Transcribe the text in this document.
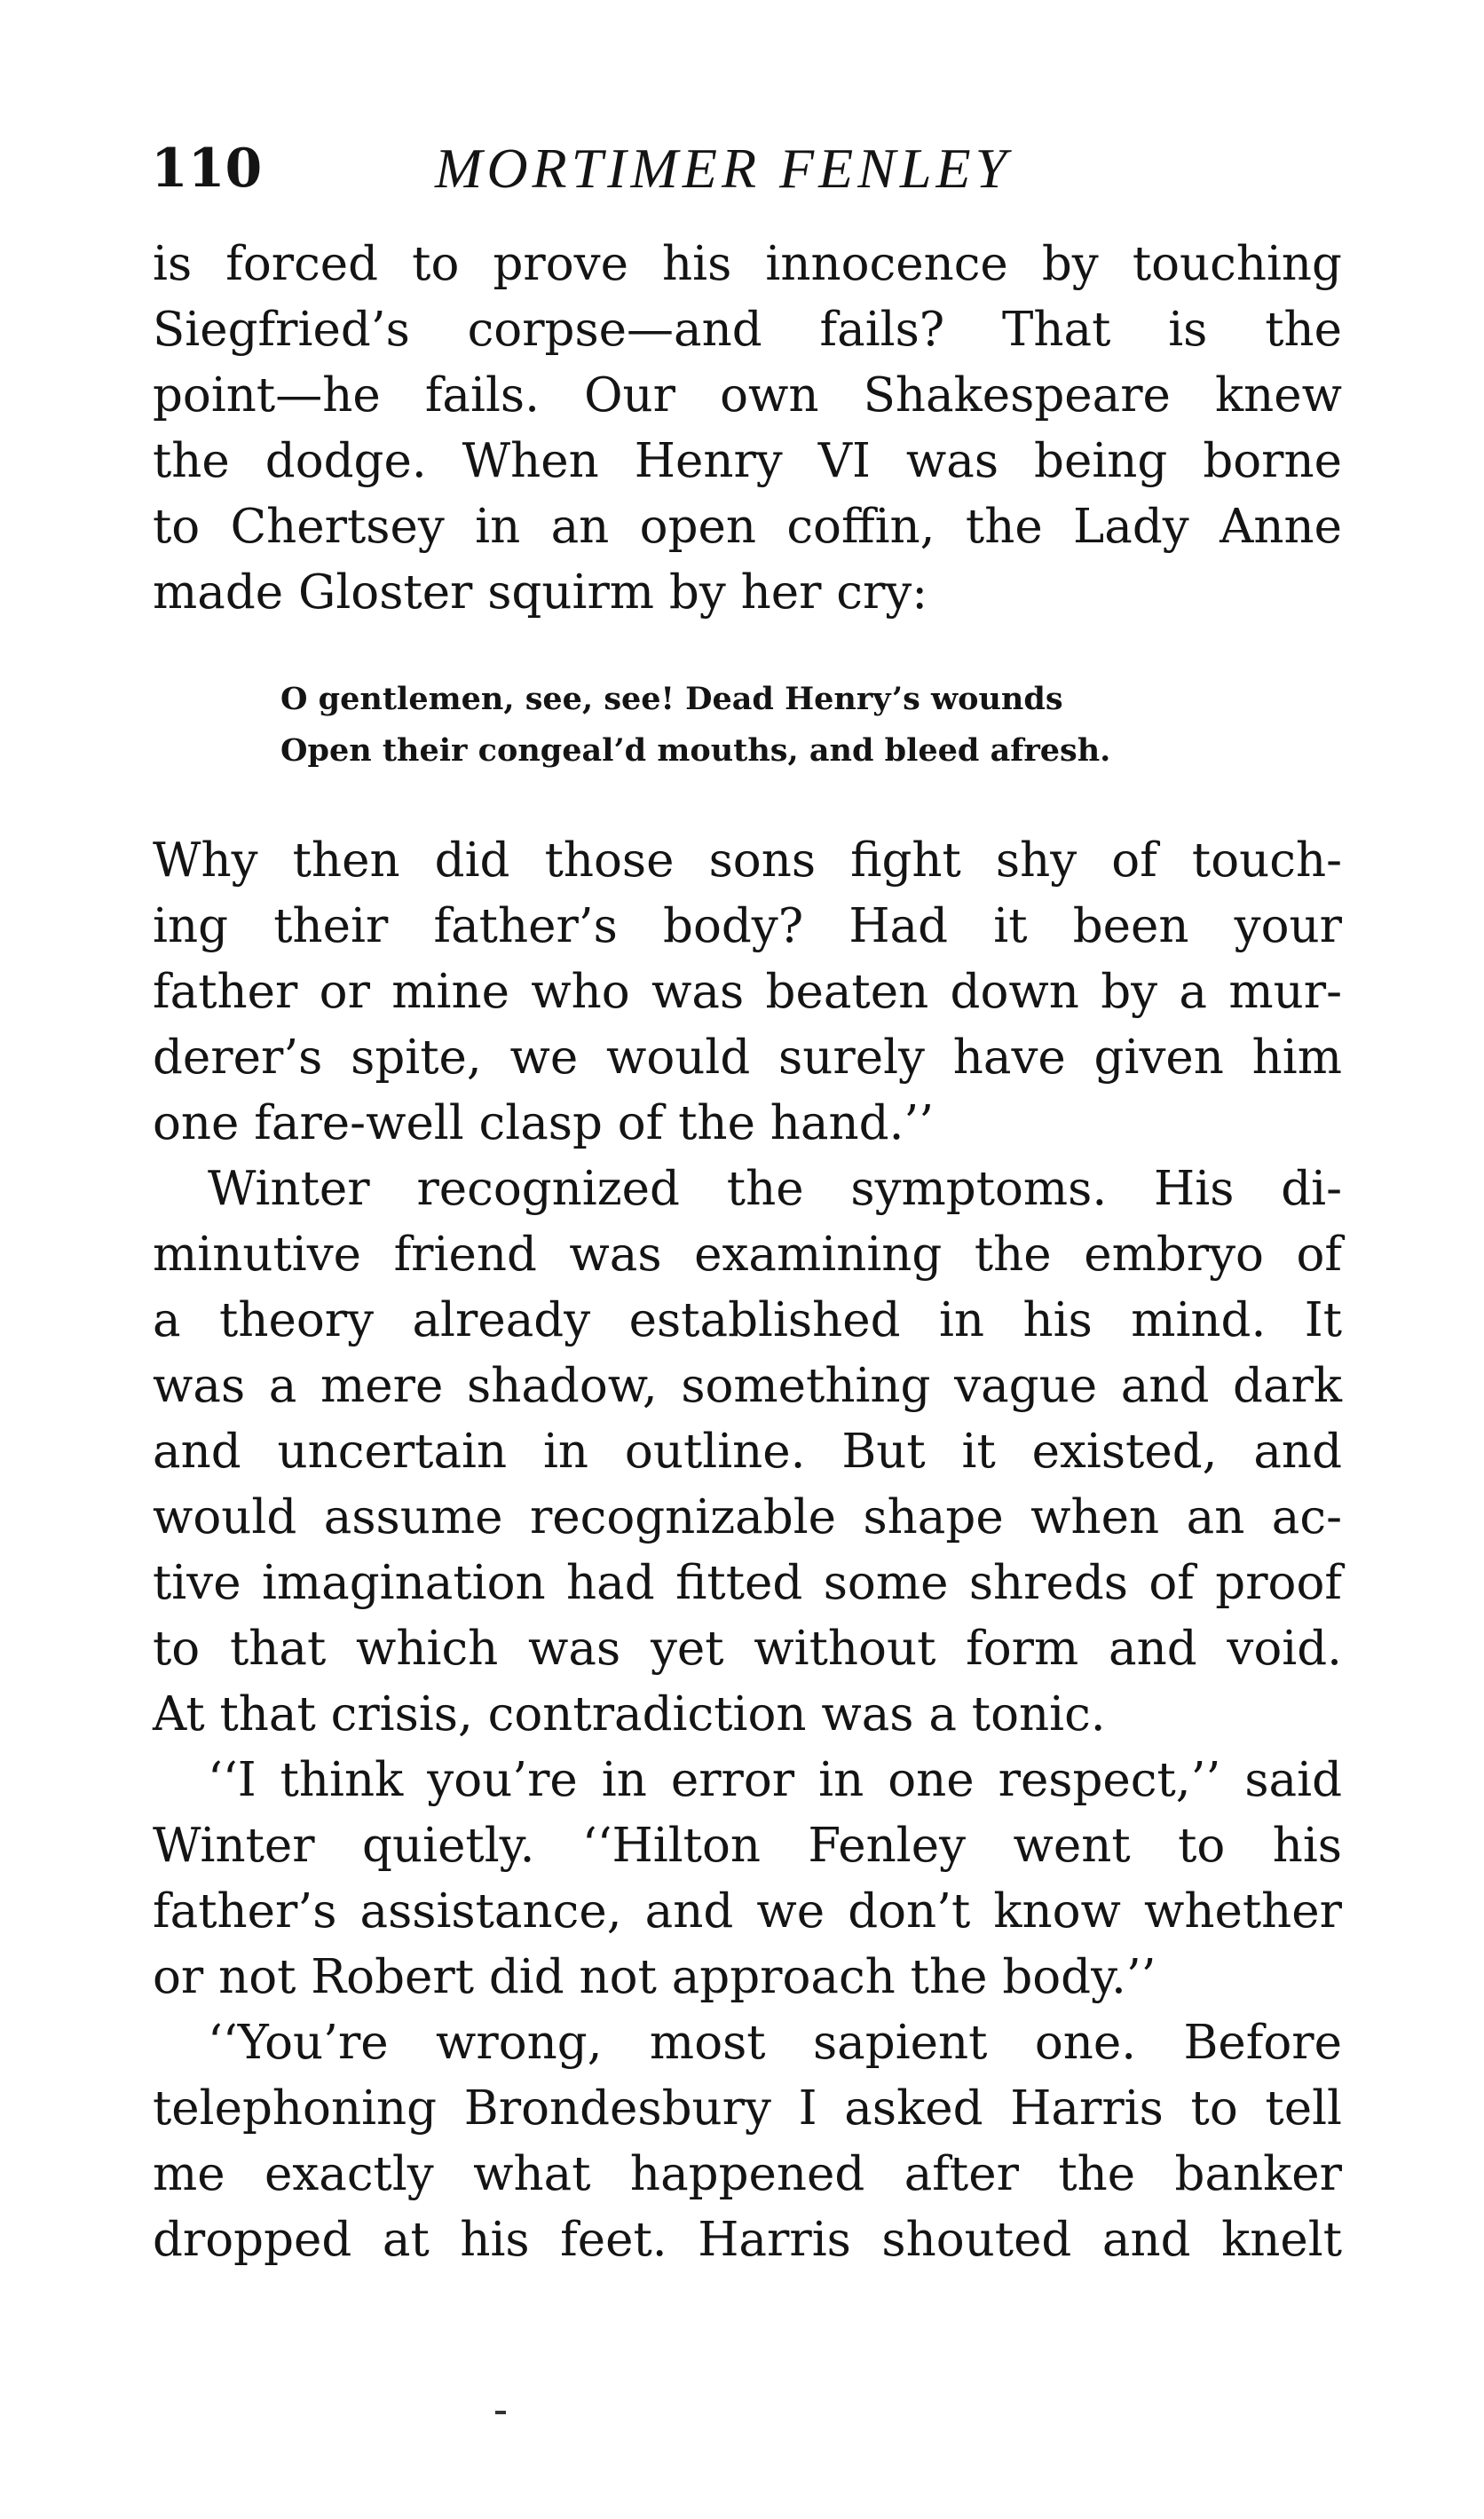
110	MORTIMER FENLEY
is forced to prove his innocence by touching
Siegfried’s corpse—and fails? That is the
point—he fails. Our own Shakespeare knew
the dodge. When Henry VI was being borne
to Chertsey in an open coffin, the Lady Anne
made Gloster squirm by her cry:
O gentlemen, see, see! Dead Henry’s wounds
Open their congeal’d mouths, and bleed afresh.
Why then did those sons fight shy of touch-
ing their father’s body? Had it been your
father or mine who was beaten down by a mur-
derer’s spite, we would surely have given him
one fare-well clasp of the hand.’’
Winter recognized the symptoms. His di-
minutive friend was examining the embryo of
a theory already established in his mind. It
was a mere shadow, something vague and dark
and uncertain in outline. But it existed, and
would assume recognizable shape when an ac-
tive imagination had fitted some shreds of proof
to that which was yet without form and void.
At that crisis, contradiction was a tonic.
‘‘I think you’re in error in one respect,’’ said
Winter quietly. ‘‘Hilton Fenley went to his
father’s assistance, and we don’t know whether
or not Robert did not approach the body.’’
‘‘You’re wrong, most sapient one. Before
telephoning Brondesbury I asked Harris to tell
me exactly what happened after the banker
dropped at his feet. Harris shouted and knelt
